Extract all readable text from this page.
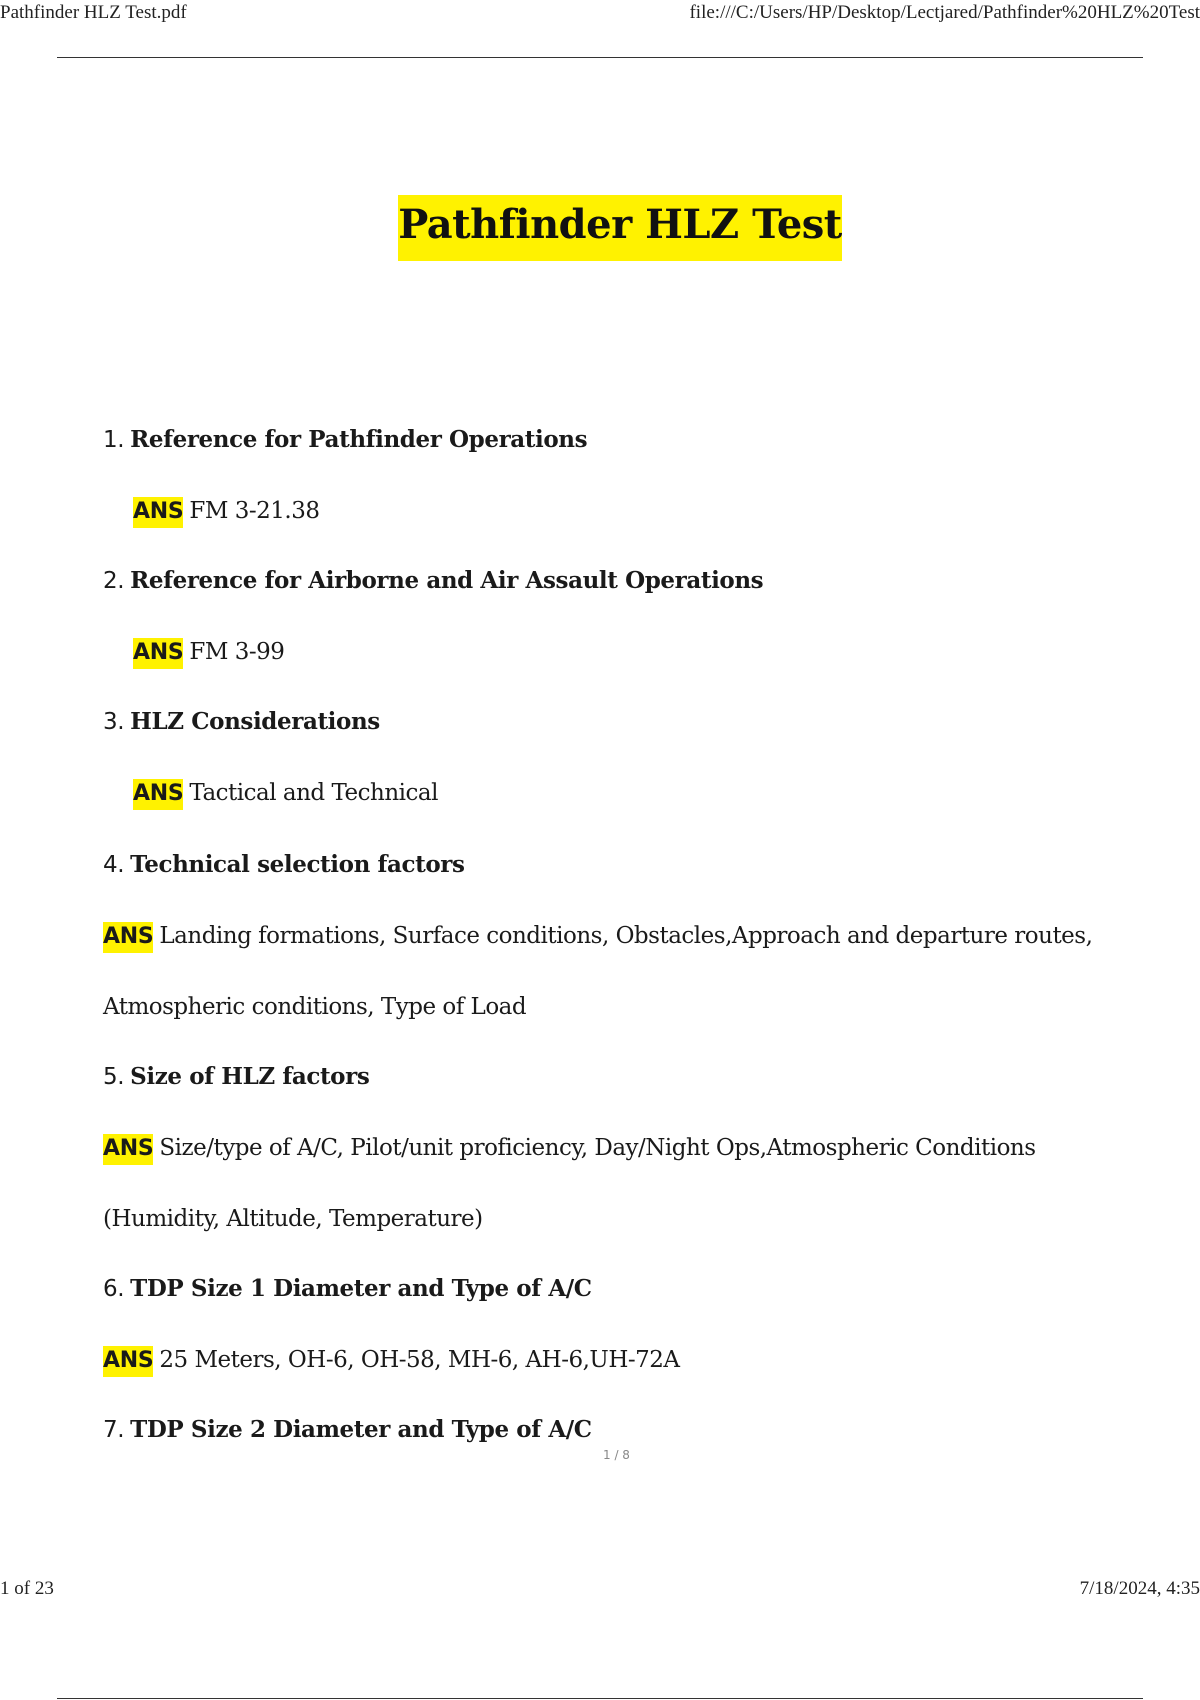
Pathfinder HLZ Test.pdf	file:///C:/Users/HP/Desktop/Lectjared/Pathfinder%20HLZ%20Test
Pathfinder HLZ Test
1. Reference for Pathfinder Operations
ANS FM 3-21.38
2. Reference for Airborne and Air Assault Operations
ANS FM 3-99
3. HLZ Considerations
ANS Tactical and Technical
4. Technical selection factors
ANS Landing formations, Surface conditions, Obstacles,Approach and departure routes,
Atmospheric conditions, Type of Load
5. Size of HLZ factors
ANS Size/type of A/C, Pilot/unit proficiency, Day/Night Ops,Atmospheric Conditions
(Humidity, Altitude, Temperature)
6. TDP Size 1 Diameter and Type of A/C
ANS 25 Meters, OH-6, OH-58, MH-6, AH-6,UH-72A
7. TDP Size 2 Diameter and Type of A/C
1 / 8
1 of 23	7/18/2024, 4:35
